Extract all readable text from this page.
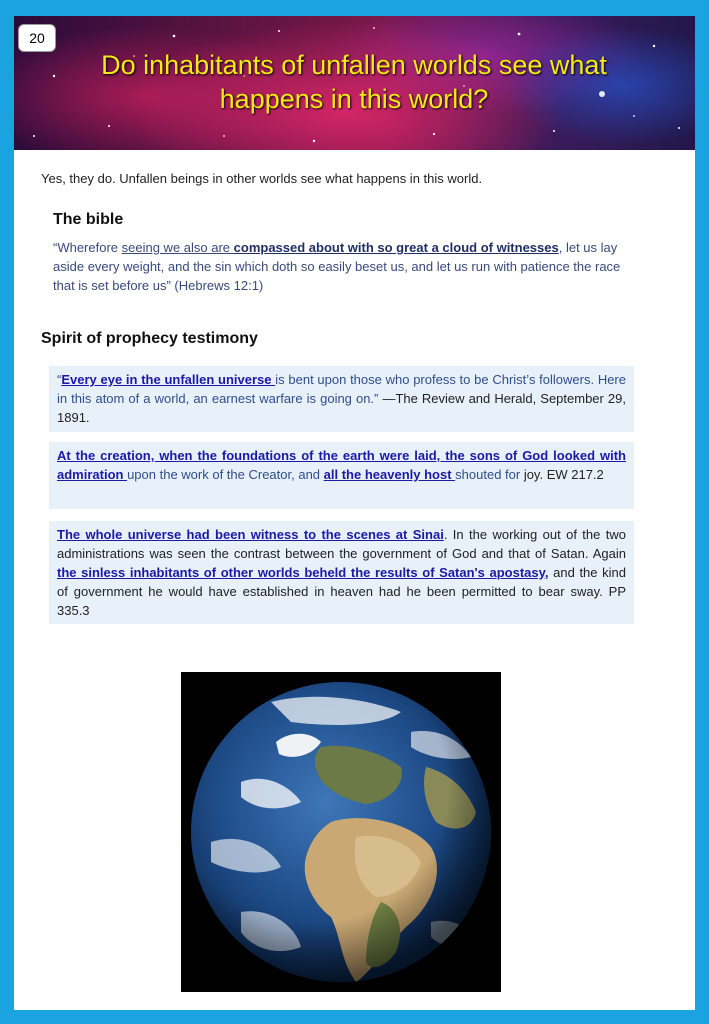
20
Do inhabitants of unfallen worlds see what happens in this world?
Yes, they do. Unfallen beings in other worlds see what happens in this world.
The bible
“Wherefore seeing we also are compassed about with so great a cloud of witnesses, let us lay aside every weight, and the sin which doth so easily beset us, and let us run with patience the race that is set before us” (Hebrews 12:1)
Spirit of prophecy testimony
“Every eye in the unfallen universe is bent upon those who profess to be Christ’s followers. Here in this atom of a world, an earnest warfare is going on.” —The Review and Herald, September 29, 1891.
At the creation, when the foundations of the earth were laid, the sons of God looked with admiration upon the work of the Creator, and all the heavenly host shouted for joy. EW 217.2
The whole universe had been witness to the scenes at Sinai. In the working out of the two administrations was seen the contrast between the government of God and that of Satan. Again the sinless inhabitants of other worlds beheld the results of Satan's apostasy, and the kind of government he would have established in heaven had he been permitted to bear sway. PP 335.3
